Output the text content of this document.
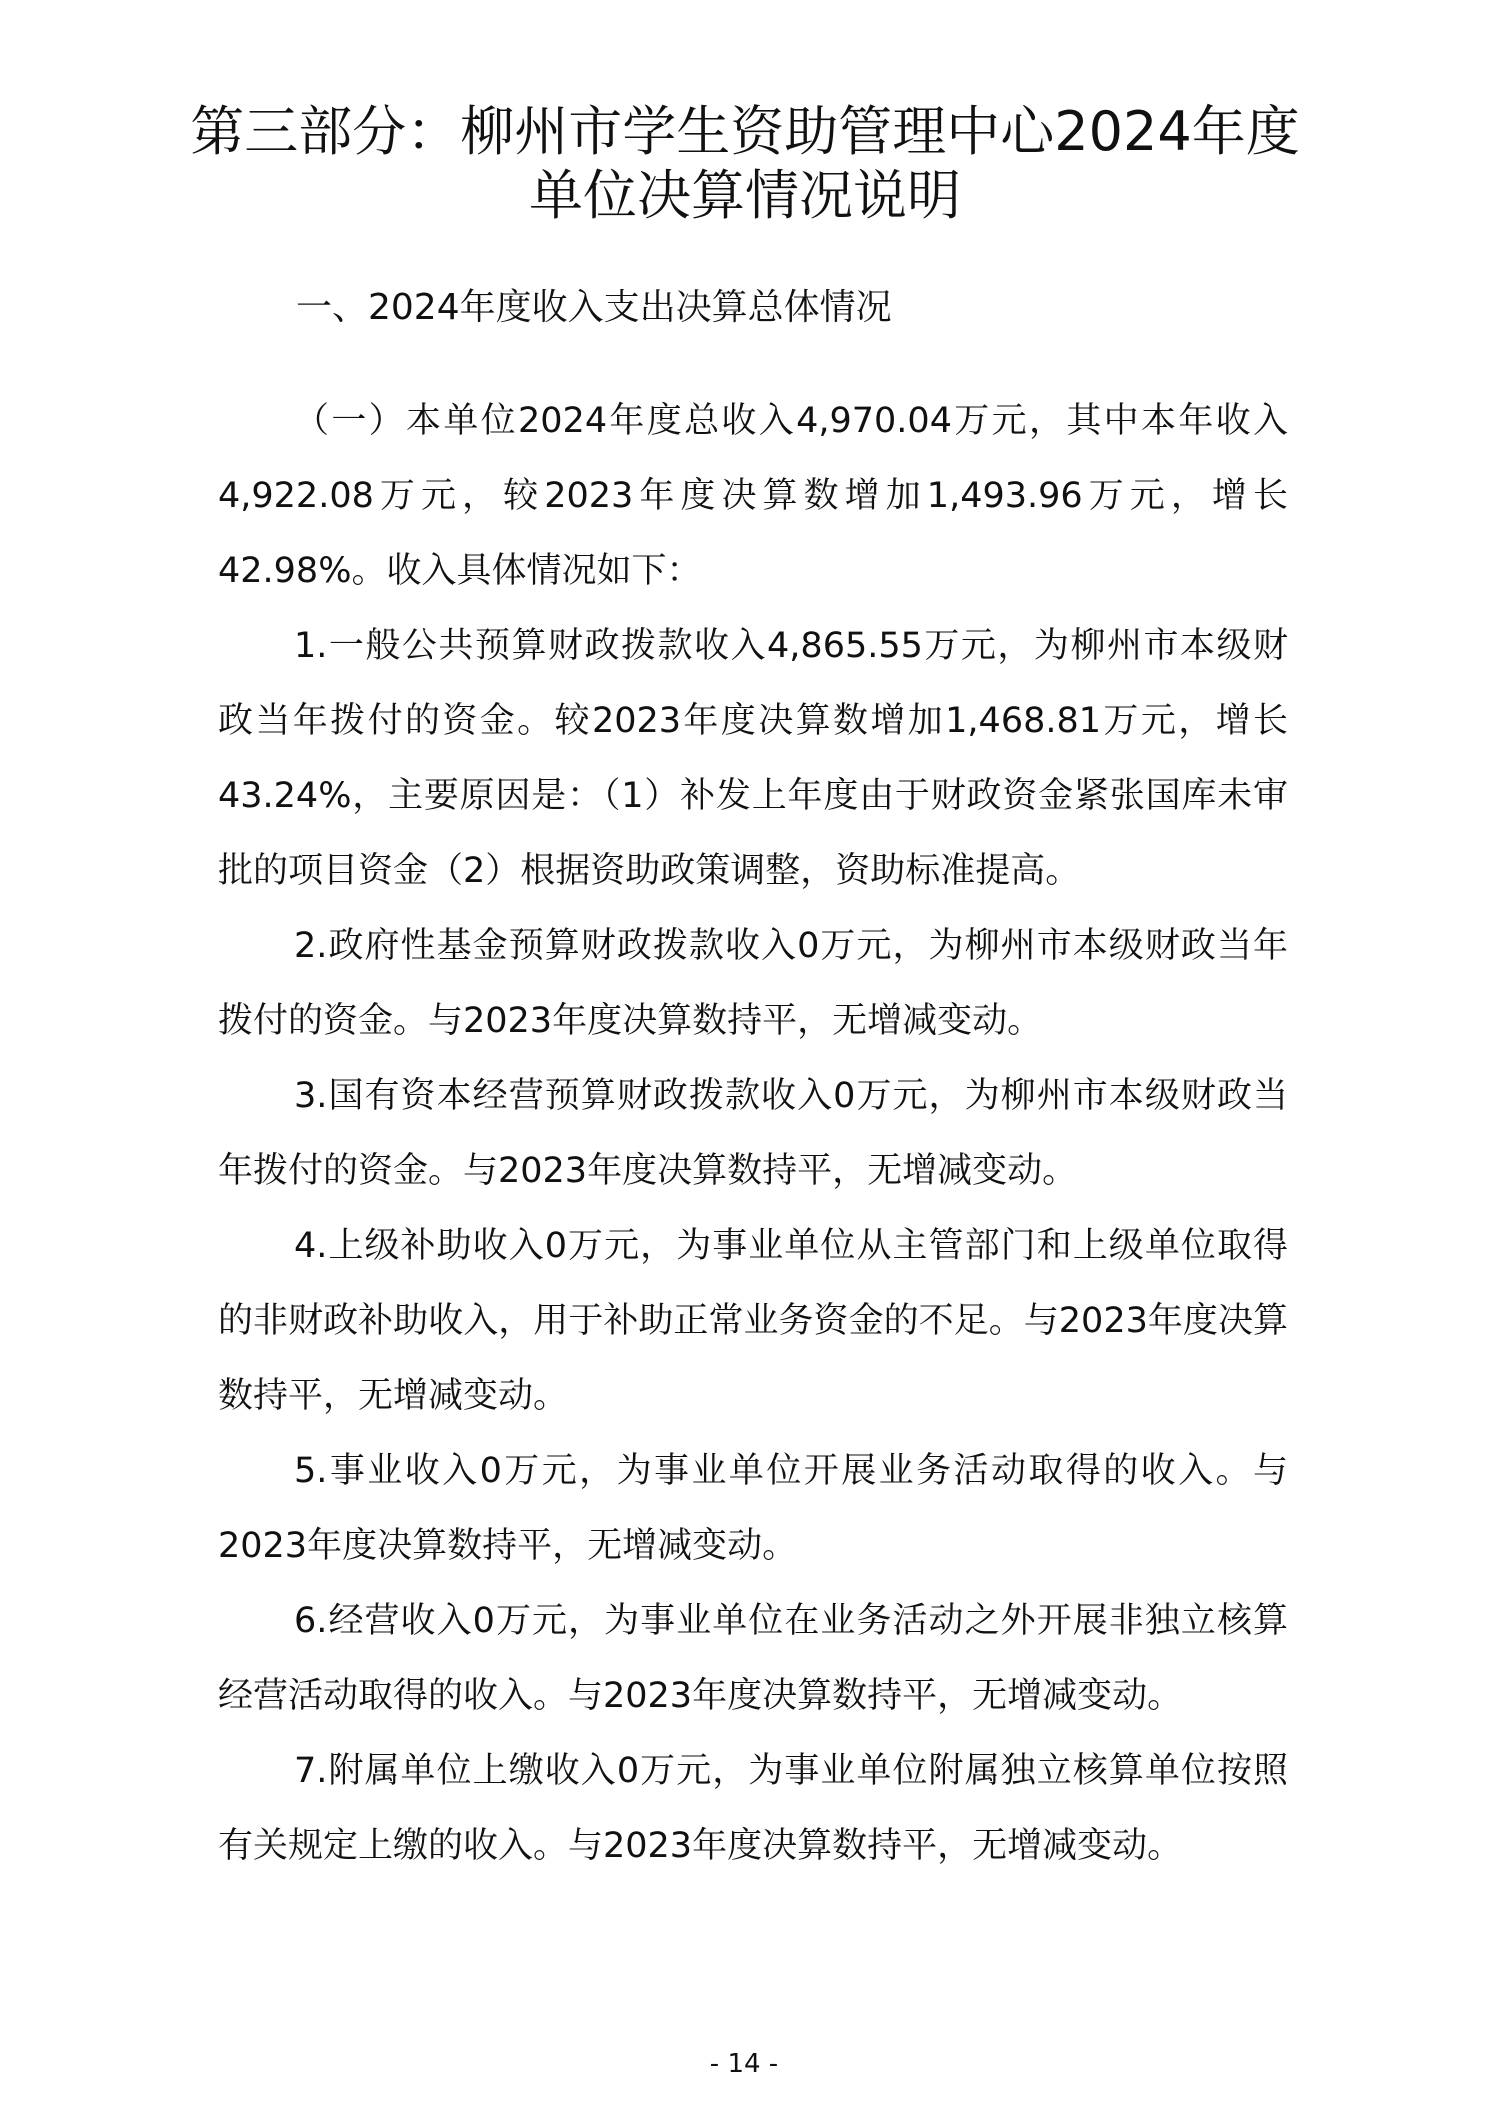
第三部分：柳州市学生资助管理中心2024年度单位决算情况说明
一、2024年度收入支出决算总体情况

（一）本单位2024年度总收入4,970.04万元，其中本年收入4,922.08万元，较2023年度决算数增加1,493.96万元，增长42.98%。收入具体情况如下：

1.一般公共预算财政拨款收入4,865.55万元，为柳州市本级财政当年拨付的资金。较2023年度决算数增加1,468.81万元，增长43.24%，主要原因是：（1）补发上年度由于财政资金紧张国库未审批的项目资金（2）根据资助政策调整，资助标准提高。

2.政府性基金预算财政拨款收入0万元，为柳州市本级财政当年拨付的资金。与2023年度决算数持平，无增减变动。

3.国有资本经营预算财政拨款收入0万元，为柳州市本级财政当年拨付的资金。与2023年度决算数持平，无增减变动。

4.上级补助收入0万元，为事业单位从主管部门和上级单位取得的非财政补助收入，用于补助正常业务资金的不足。与2023年度决算数持平，无增减变动。

5.事业收入0万元，为事业单位开展业务活动取得的收入。与2023年度决算数持平，无增减变动。

6.经营收入0万元，为事业单位在业务活动之外开展非独立核算经营活动取得的收入。与2023年度决算数持平，无增减变动。

7.附属单位上缴收入0万元，为事业单位附属独立核算单位按照有关规定上缴的收入。与2023年度决算数持平，无增减变动。

- 14 -
